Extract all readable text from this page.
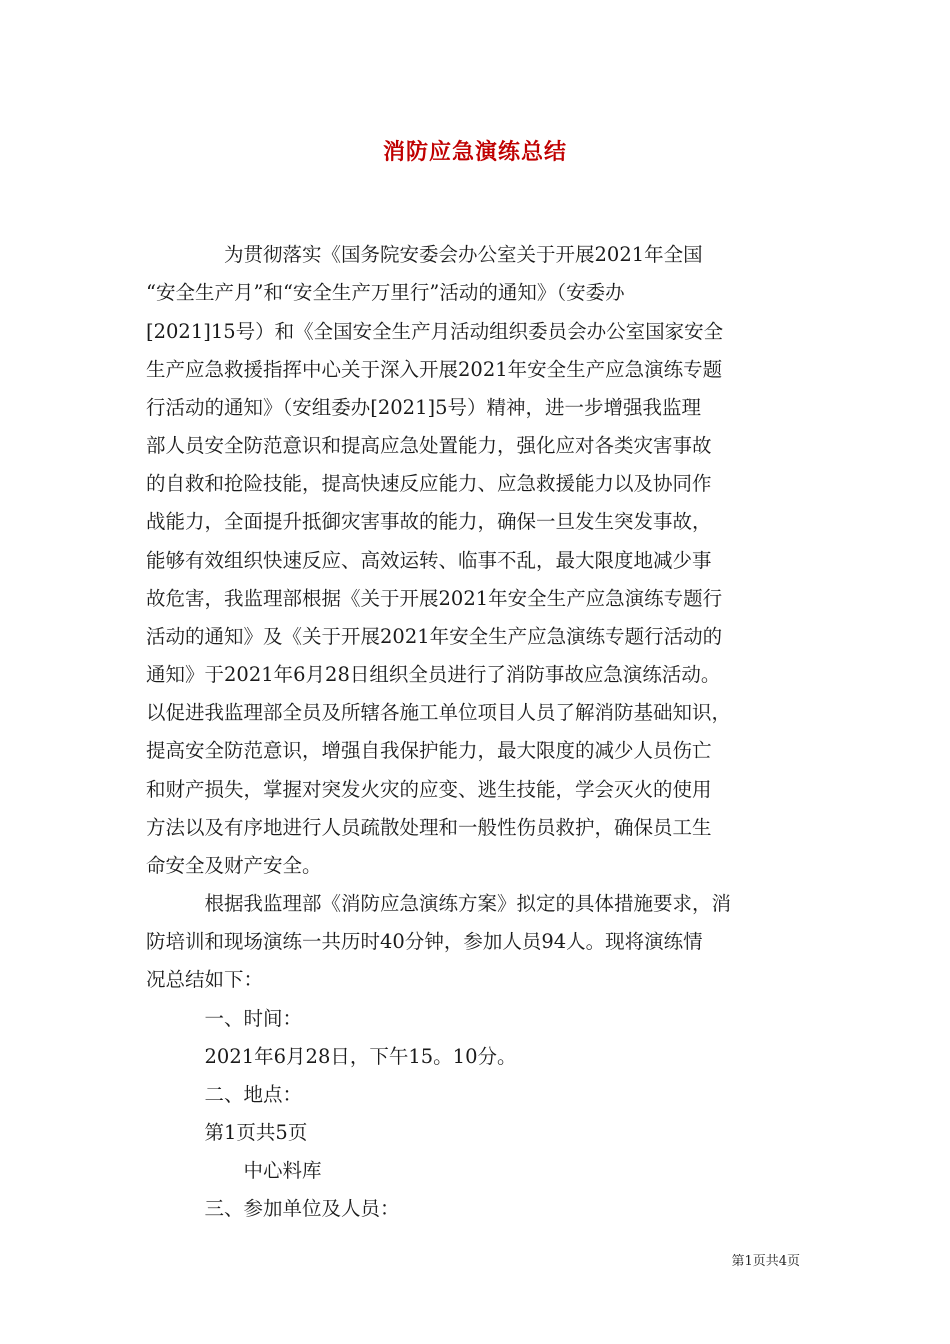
消防应急演练总结
　　　　为贯彻落实《国务院安委会办公室关于开展2021年全国
“安全生产月”和“安全生产万里行”活动的通知》（安委办
[2021]15号）和《全国安全生产月活动组织委员会办公室国家安全
生产应急救援指挥中心关于深入开展2021年安全生产应急演练专题
行活动的通知》（安组委办[2021]5号）精神，进一步增强我监理
部人员安全防范意识和提高应急处置能力，强化应对各类灾害事故
的自救和抢险技能，提高快速反应能力、应急救援能力以及协同作
战能力，全面提升抵御灾害事故的能力，确保一旦发生突发事故，
能够有效组织快速反应、高效运转、临事不乱，最大限度地减少事
故危害，我监理部根据《关于开展2021年安全生产应急演练专题行
活动的通知》及《关于开展2021年安全生产应急演练专题行活动的
通知》于2021年6月28日组织全员进行了消防事故应急演练活动。
以促进我监理部全员及所辖各施工单位项目人员了解消防基础知识，
提高安全防范意识，增强自我保护能力，最大限度的减少人员伤亡
和财产损失，掌握对突发火灾的应变、逃生技能，学会灭火的使用
方法以及有序地进行人员疏散处理和一般性伤员救护，确保员工生
命安全及财产安全。
　　　根据我监理部《消防应急演练方案》拟定的具体措施要求，消
防培训和现场演练一共历时40分钟，参加人员94人。现将演练情
况总结如下：
　　　一、时间：
　　　2021年6月28日，下午15。10分。
　　　二、地点：
　　　第1页共5页
　　　　　中心料库
　　　三、参加单位及人员：
第1页共4页
